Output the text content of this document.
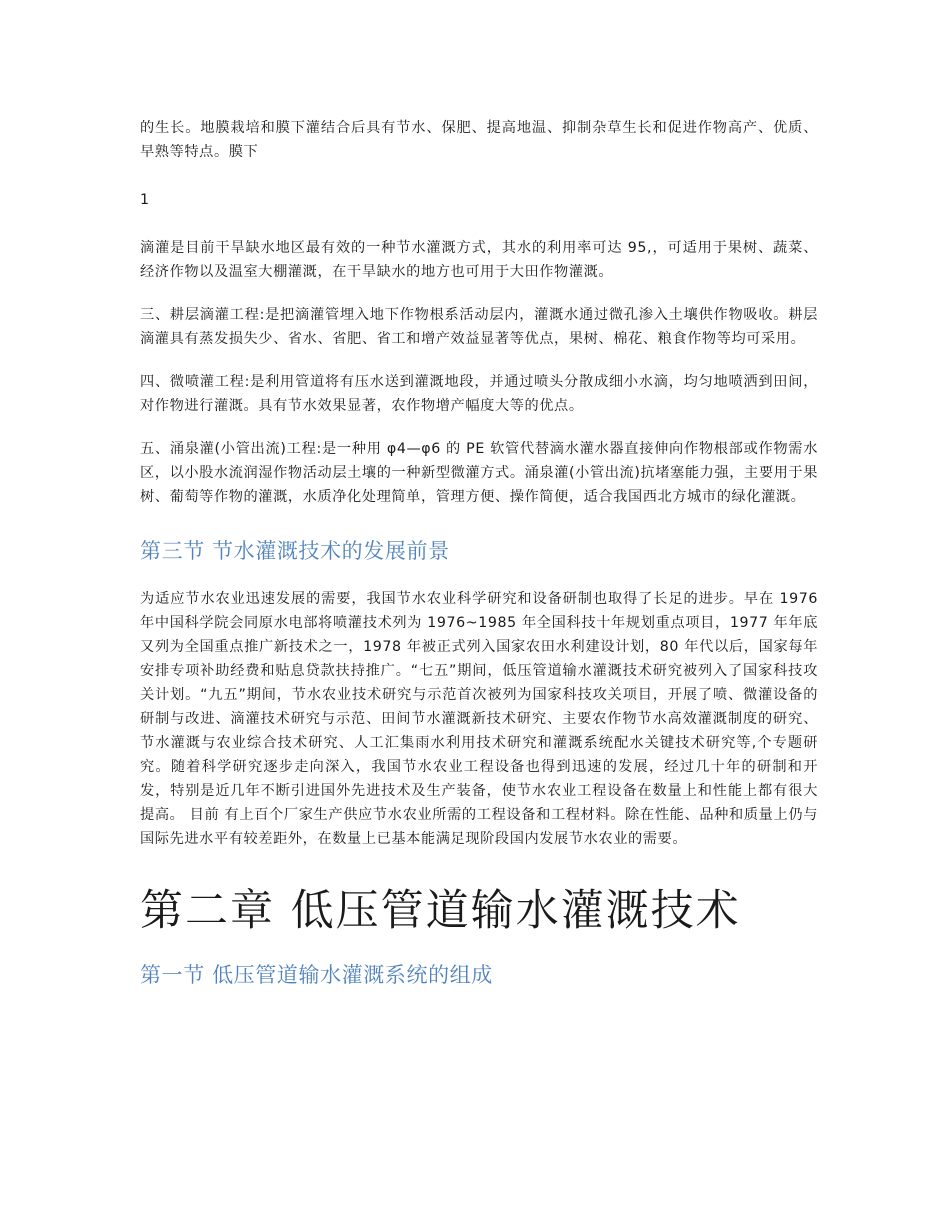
的生长。地膜栽培和膜下灌结合后具有节水、保肥、提高地温、抑制杂草生长和促进作物高产、优质、早熟等特点。膜下

1

滴灌是目前干旱缺水地区最有效的一种节水灌溉方式，其水的利用率可达 95,，可适用于果树、蔬菜、经济作物以及温室大棚灌溉，在干旱缺水的地方也可用于大田作物灌溉。

三、耕层滴灌工程:是把滴灌管埋入地下作物根系活动层内，灌溉水通过微孔渗入土壤供作物吸收。耕层滴灌具有蒸发损失少、省水、省肥、省工和增产效益显著等优点，果树、棉花、粮食作物等均可采用。

四、微喷灌工程:是利用管道将有压水送到灌溉地段，并通过喷头分散成细小水滴，均匀地喷洒到田间，对作物进行灌溉。具有节水效果显著，农作物增产幅度大等的优点。

五、涌泉灌(小管出流)工程:是一种用 φ4—φ6 的 PE 软管代替滴水灌水器直接伸向作物根部或作物需水区，以小股水流润湿作物活动层土壤的一种新型微灌方式。涌泉灌(小管出流)抗堵塞能力强，主要用于果树、葡萄等作物的灌溉，水质净化处理简单，管理方便、操作简便，适合我国西北方城市的绿化灌溉。

第三节 节水灌溉技术的发展前景

为适应节水农业迅速发展的需要，我国节水农业科学研究和设备研制也取得了长足的进步。早在 1976 年中国科学院会同原水电部将喷灌技术列为 1976~1985 年全国科技十年规划重点项目，1977 年年底又列为全国重点推广新技术之一，1978 年被正式列入国家农田水利建设计划，80 年代以后，国家每年安排专项补助经费和贴息贷款扶持推广。“七五”期间，低压管道输水灌溉技术研究被列入了国家科技攻关计划。“九五”期间，节水农业技术研究与示范首次被列为国家科技攻关项目，开展了喷、微灌设备的研制与改进、滴灌技术研究与示范、田间节水灌溉新技术研究、主要农作物节水高效灌溉制度的研究、节水灌溉与农业综合技术研究、人工汇集雨水利用技术研究和灌溉系统配水关键技术研究等,个专题研究。随着科学研究逐步走向深入，我国节水农业工程设备也得到迅速的发展，经过几十年的研制和开发，特别是近几年不断引进国外先进技术及生产装备，使节水农业工程设备在数量上和性能上都有很大提高。 目前 有上百个厂家生产供应节水农业所需的工程设备和工程材料。除在性能、品种和质量上仍与国际先进水平有较差距外，在数量上已基本能满足现阶段国内发展节水农业的需要。

第二章 低压管道输水灌溉技术
第一节 低压管道输水灌溉系统的组成
